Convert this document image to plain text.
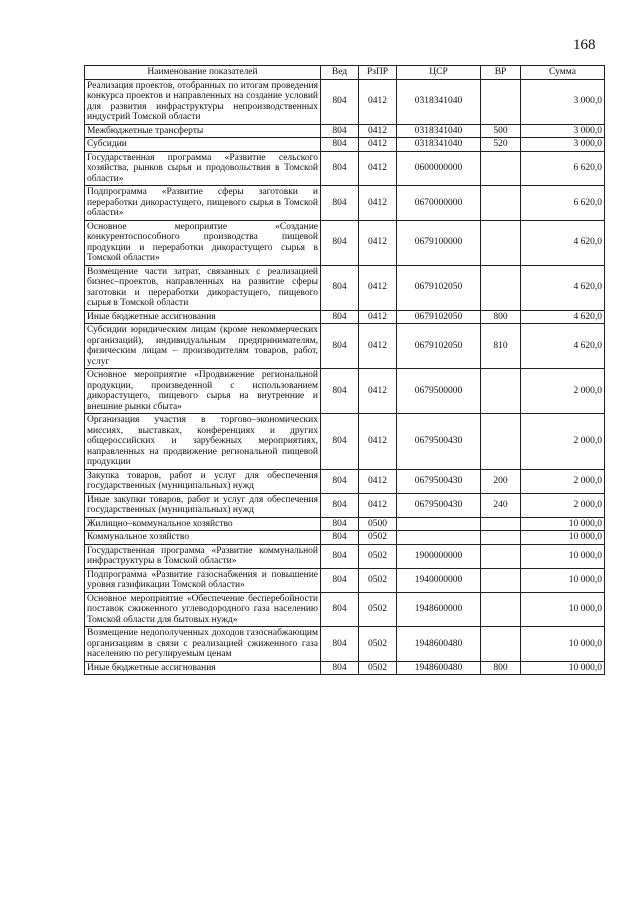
168
Наименование показателей	Вед	РзПР	ЦСР	ВР	Сумма
Реализация проектов, отобранных по итогам проведения конкурса проектов и направленных на создание условий для развития инфраструктуры непроизводственных индустрий Томской области	804	0412	0318341040		3 000,0
Межбюджетные трансферты	804	0412	0318341040	500	3 000,0
Субсидии	804	0412	0318341040	520	3 000,0
Государственная программа «Развитие сельского хозяйства, рынков сырья и продовольствия в Томской области»	804	0412	0600000000		6 620,0
Подпрограмма «Развитие сферы заготовки и переработки дикорастущего, пищевого сырья в Томской области»	804	0412	0670000000		6 620,0
Основное мероприятие «Создание конкурентоспособного производства пищевой продукции и переработки дикорастущего сырья в Томской области»	804	0412	0679100000		4 620,0
Возмещение части затрат, связанных с реализацией бизнес–проектов, направленных на развитие сферы заготовки и переработки дикорастущего, пищевого сырья в Томской области	804	0412	0679102050		4 620,0
Иные бюджетные ассигнования	804	0412	0679102050	800	4 620,0
Субсидии юридическим лицам (кроме некоммерческих организаций), индивидуальным предпринимателям, физическим лицам – производителям товаров, работ, услуг	804	0412	0679102050	810	4 620,0
Основное мероприятие «Продвижение региональной продукции, произведенной с использованием дикорастущего, пищевого сырья на внутренние и внешние рынки сбыта»	804	0412	0679500000		2 000,0
Организация участия в торгово–экономических миссиях, выставках, конференциях и других общероссийских и зарубежных мероприятиях, направленных на продвижение региональной пищевой продукции	804	0412	0679500430		2 000,0
Закупка товаров, работ и услуг для обеспечения государственных (муниципальных) нужд	804	0412	0679500430	200	2 000,0
Иные закупки товаров, работ и услуг для обеспечения государственных (муниципальных) нужд	804	0412	0679500430	240	2 000,0
Жилищно–коммунальное хозяйство	804	0500			10 000,0
Коммунальное хозяйство	804	0502			10 000,0
Государственная программа «Развитие коммунальной инфраструктуры в Томской области»	804	0502	1900000000		10 000,0
Подпрограмма «Развитие газоснабжения и повышение уровня газификации Томской области»	804	0502	1940000000		10 000,0
Основное мероприятие «Обеспечение бесперебойности поставок сжиженного углеводородного газа населению Томской области для бытовых нужд»	804	0502	1948600000		10 000,0
Возмещение недополученных доходов газоснабжающим организациям в связи с реализацией сжиженного газа населению по регулируемым ценам	804	0502	1948600480		10 000,0
Иные бюджетные ассигнования	804	0502	1948600480	800	10 000,0
